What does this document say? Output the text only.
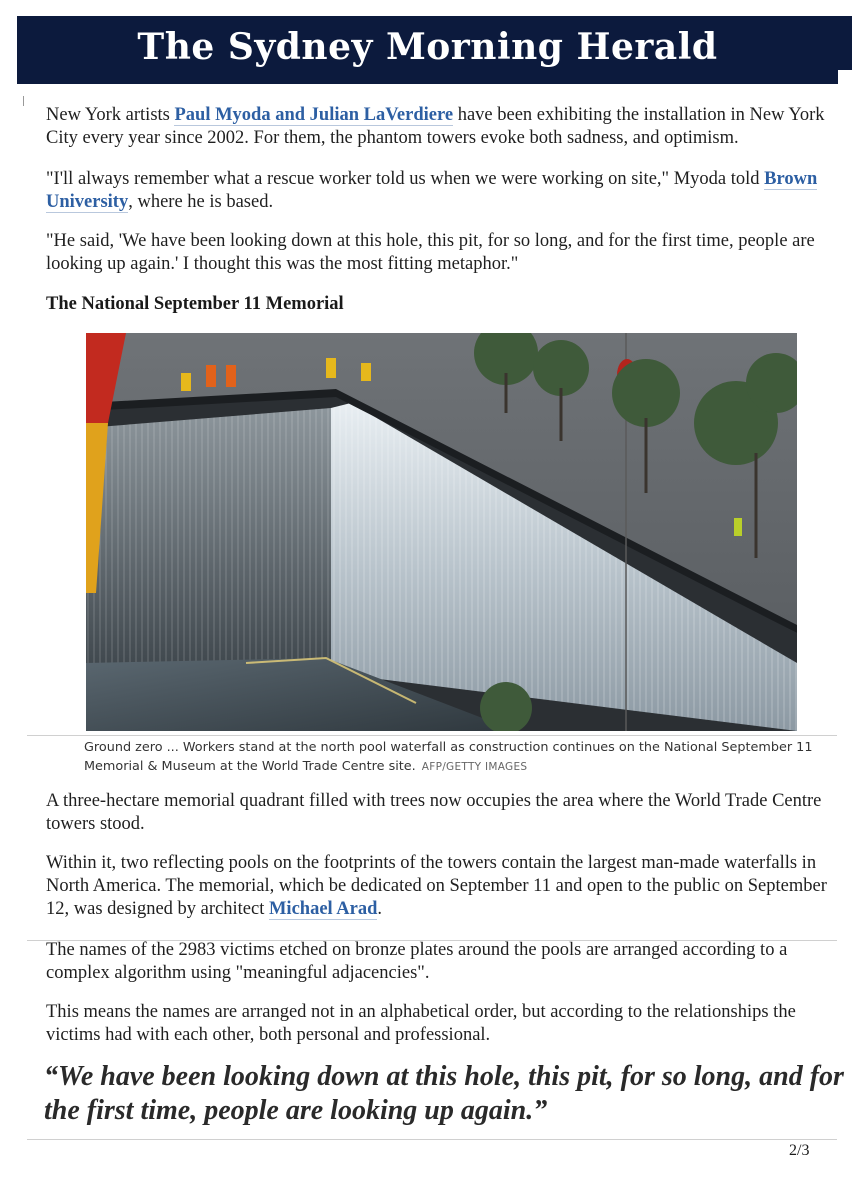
The Sydney Morning Herald

New York artists Paul Myoda and Julian LaVerdiere have been exhibiting the installation in New York City every year since 2002. For them, the phantom towers evoke both sadness, and optimism.

"I'll always remember what a rescue worker told us when we were working on site," Myoda told Brown University, where he is based.

"He said, 'We have been looking down at this hole, this pit, for so long, and for the first time, people are looking up again.' I thought this was the most fitting metaphor."

The National September 11 Memorial

Ground zero ... Workers stand at the north pool waterfall as construction continues on the National September 11 Memorial & Museum at the World Trade Centre site. AFP/GETTY IMAGES

A three-hectare memorial quadrant filled with trees now occupies the area where the World Trade Centre towers stood.

Within it, two reflecting pools on the footprints of the towers contain the largest man-made waterfalls in North America. The memorial, which be dedicated on September 11 and open to the public on September 12, was designed by architect Michael Arad.

The names of the 2983 victims etched on bronze plates around the pools are arranged according to a complex algorithm using "meaningful adjacencies".

This means the names are arranged not in an alphabetical order, but according to the relationships the victims had with each other, both personal and professional.

“We have been looking down at this hole, this pit, for so long, and for the first time, people are looking up again.”
2/3
